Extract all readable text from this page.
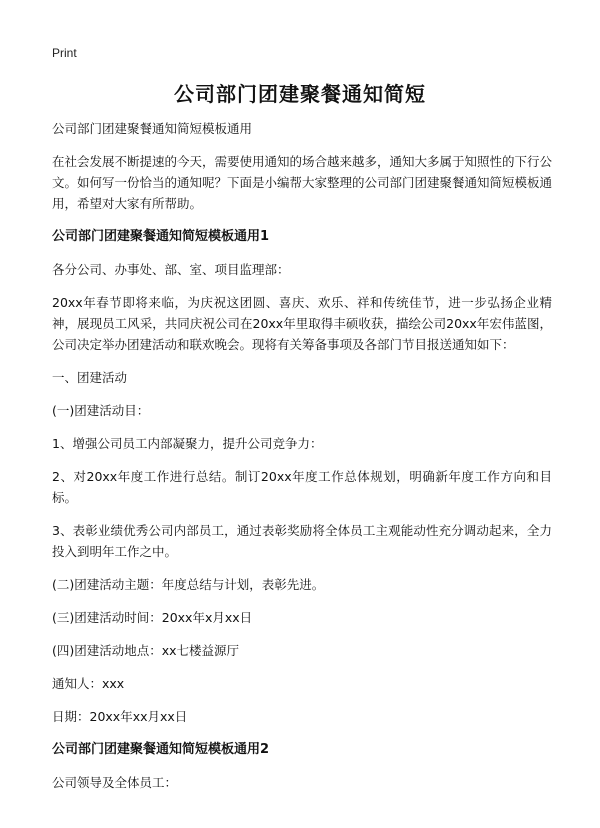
Print
公司部门团建聚餐通知简短

公司部门团建聚餐通知简短模板通用

在社会发展不断提速的今天，需要使用通知的场合越来越多，通知大多属于知照性的下行公文。如何写一份恰当的通知呢？下面是小编帮大家整理的公司部门团建聚餐通知简短模板通用，希望对大家有所帮助。

公司部门团建聚餐通知简短模板通用1

各分公司、办事处、部、室、项目监理部：

20xx年春节即将来临，为庆祝这团圆、喜庆、欢乐、祥和传统佳节，进一步弘扬企业精神，展现员工风采，共同庆祝公司在20xx年里取得丰硕收获，描绘公司20xx年宏伟蓝图，公司决定举办团建活动和联欢晚会。现将有关筹备事项及各部门节目报送通知如下：

一、团建活动

(一)团建活动目：

1、增强公司员工内部凝聚力，提升公司竞争力：

2、对20xx年度工作进行总结。制订20xx年度工作总体规划，明确新年度工作方向和目标。

3、表彰业绩优秀公司内部员工，通过表彰奖励将全体员工主观能动性充分调动起来，全力投入到明年工作之中。

(二)团建活动主题：年度总结与计划，表彰先进。

(三)团建活动时间：20xx年x月xx日

(四)团建活动地点：xx七楼益源厅

通知人：xxx

日期：20xx年xx月xx日

公司部门团建聚餐通知简短模板通用2

公司领导及全体员工：
